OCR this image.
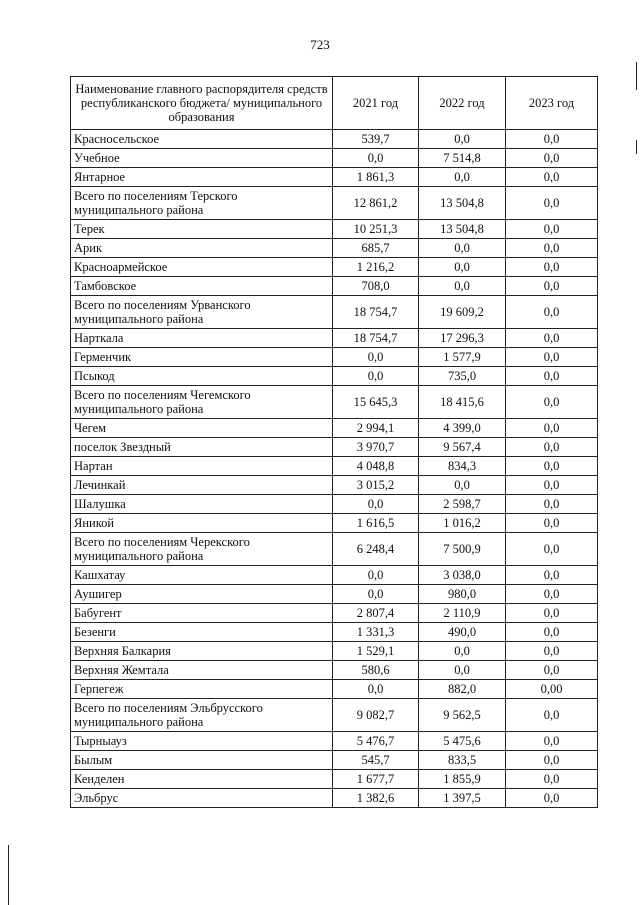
723
Наименование главного распорядителя средств республиканского бюджета/ муниципального образования	2021 год	2022 год	2023 год
Красносельское	539,7	0,0	0,0
Учебное	0,0	7 514,8	0,0
Янтарное	1 861,3	0,0	0,0
Всего по поселениям Терского муниципального района	12 861,2	13 504,8	0,0
Терек	10 251,3	13 504,8	0,0
Арик	685,7	0,0	0,0
Красноармейское	1 216,2	0,0	0,0
Тамбовское	708,0	0,0	0,0
Всего по поселениям Урванского муниципального района	18 754,7	19 609,2	0,0
Нарткала	18 754,7	17 296,3	0,0
Герменчик	0,0	1 577,9	0,0
Псыкод	0,0	735,0	0,0
Всего по поселениям Чегемского муниципального района	15 645,3	18 415,6	0,0
Чегем	2 994,1	4 399,0	0,0
поселок Звездный	3 970,7	9 567,4	0,0
Нартан	4 048,8	834,3	0,0
Лечинкай	3 015,2	0,0	0,0
Шалушка	0,0	2 598,7	0,0
Яникой	1 616,5	1 016,2	0,0
Всего по поселениям Черекского муниципального района	6 248,4	7 500,9	0,0
Кашхатау	0,0	3 038,0	0,0
Аушигер	0,0	980,0	0,0
Бабугент	2 807,4	2 110,9	0,0
Безенги	1 331,3	490,0	0,0
Верхняя Балкария	1 529,1	0,0	0,0
Верхняя Жемтала	580,6	0,0	0,0
Герпегеж	0,0	882,0	0,00
Всего по поселениям Эльбрусского муниципального района	9 082,7	9 562,5	0,0
Тырныауз	5 476,7	5 475,6	0,0
Былым	545,7	833,5	0,0
Кенделен	1 677,7	1 855,9	0,0
Эльбрус	1 382,6	1 397,5	0,0
